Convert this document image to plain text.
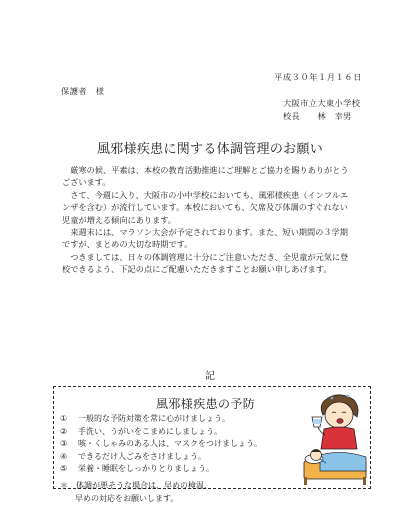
平成３０年１月１６日
保護者　様
大阪市立大東小学校
校長　　林　幸男
風邪様疾患に関する体調管理のお願い
　厳寒の候、平素は、本校の教育活動推進にご理解とご協力を賜りありがとう
ございます。
　さて、今週に入り、大阪市の小中学校においても、風邪様疾患（インフルエ
ンザを含む）が流行しています。本校においても、欠席及び体調のすぐれない
児童が増える傾向にあります。
　来週末には、マラソン大会が予定されております。また、短い期間の３学期
ですが、まとめの大切な時期です。
　つきましては、日々の体調管理に十分にご注意いただき、全児童が元気に登
校できるよう、下記の点にご配慮いただきますことお願い申しあげます。
記
風邪様疾患の予防
① 一般的な予防対策を常に心がけましょう。
② 手洗い、うがいをこまめにしましょう。
③ 咳・くしゃみのある人は、マスクをつけましょう。
④ できるだけ人ごみをさけましょう。
⑤ 栄養・睡眠をしっかりとりましょう。
＊　体調が悪そうな場合は、早めの検温、
早めの対応をお願いします。
